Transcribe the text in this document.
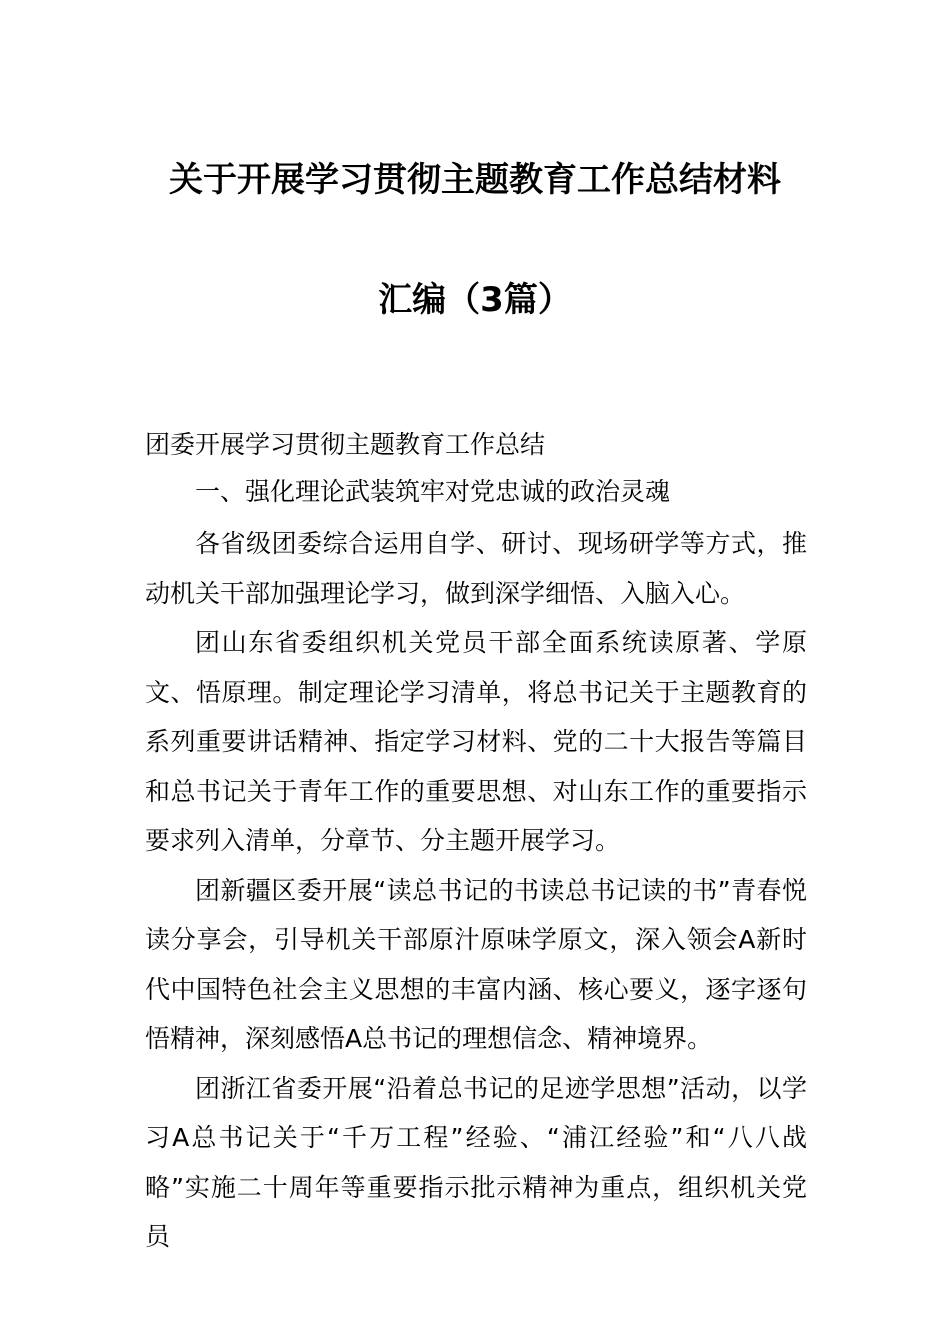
关于开展学习贯彻主题教育工作总结材料
汇编（3篇）

团委开展学习贯彻主题教育工作总结

一、强化理论武装筑牢对党忠诚的政治灵魂

各省级团委综合运用自学、研讨、现场研学等方式，推动机关干部加强理论学习，做到深学细悟、入脑入心。

团山东省委组织机关党员干部全面系统读原著、学原文、悟原理。制定理论学习清单，将总书记关于主题教育的系列重要讲话精神、指定学习材料、党的二十大报告等篇目和总书记关于青年工作的重要思想、对山东工作的重要指示要求列入清单，分章节、分主题开展学习。

团新疆区委开展“读总书记的书读总书记读的书”青春悦读分享会，引导机关干部原汁原味学原文，深入领会A新时代中国特色社会主义思想的丰富内涵、核心要义，逐字逐句悟精神，深刻感悟A总书记的理想信念、精神境界。

团浙江省委开展“沿着总书记的足迹学思想”活动，以学习A总书记关于“千万工程”经验、“浦江经验”和“八八战略”实施二十周年等重要指示批示精神为重点，组织机关党员
